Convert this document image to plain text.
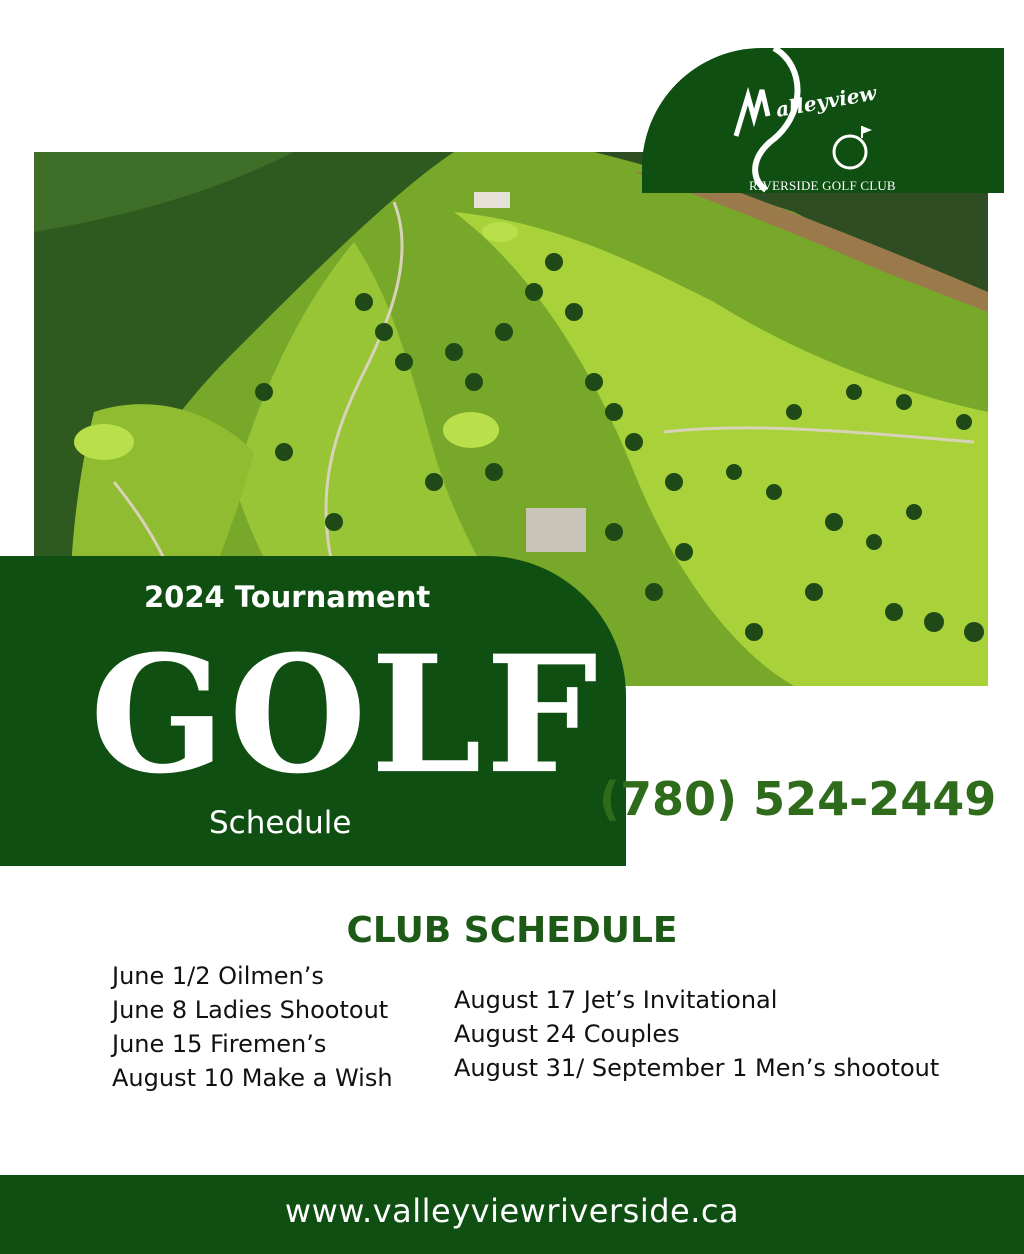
alleyview
RIVERSIDE GOLF CLUB
2024 Tournament
GOLF
Schedule	(780) 524-2449
CLUB SCHEDULE
June 1/2 Oilmen’s
June 8 Ladies Shootout
June 15 Firemen’s
August 10 Make a Wish
August 17 Jet’s Invitational
August 24 Couples
August 31/ September 1 Men’s shootout
www.valleyviewriverside.ca
